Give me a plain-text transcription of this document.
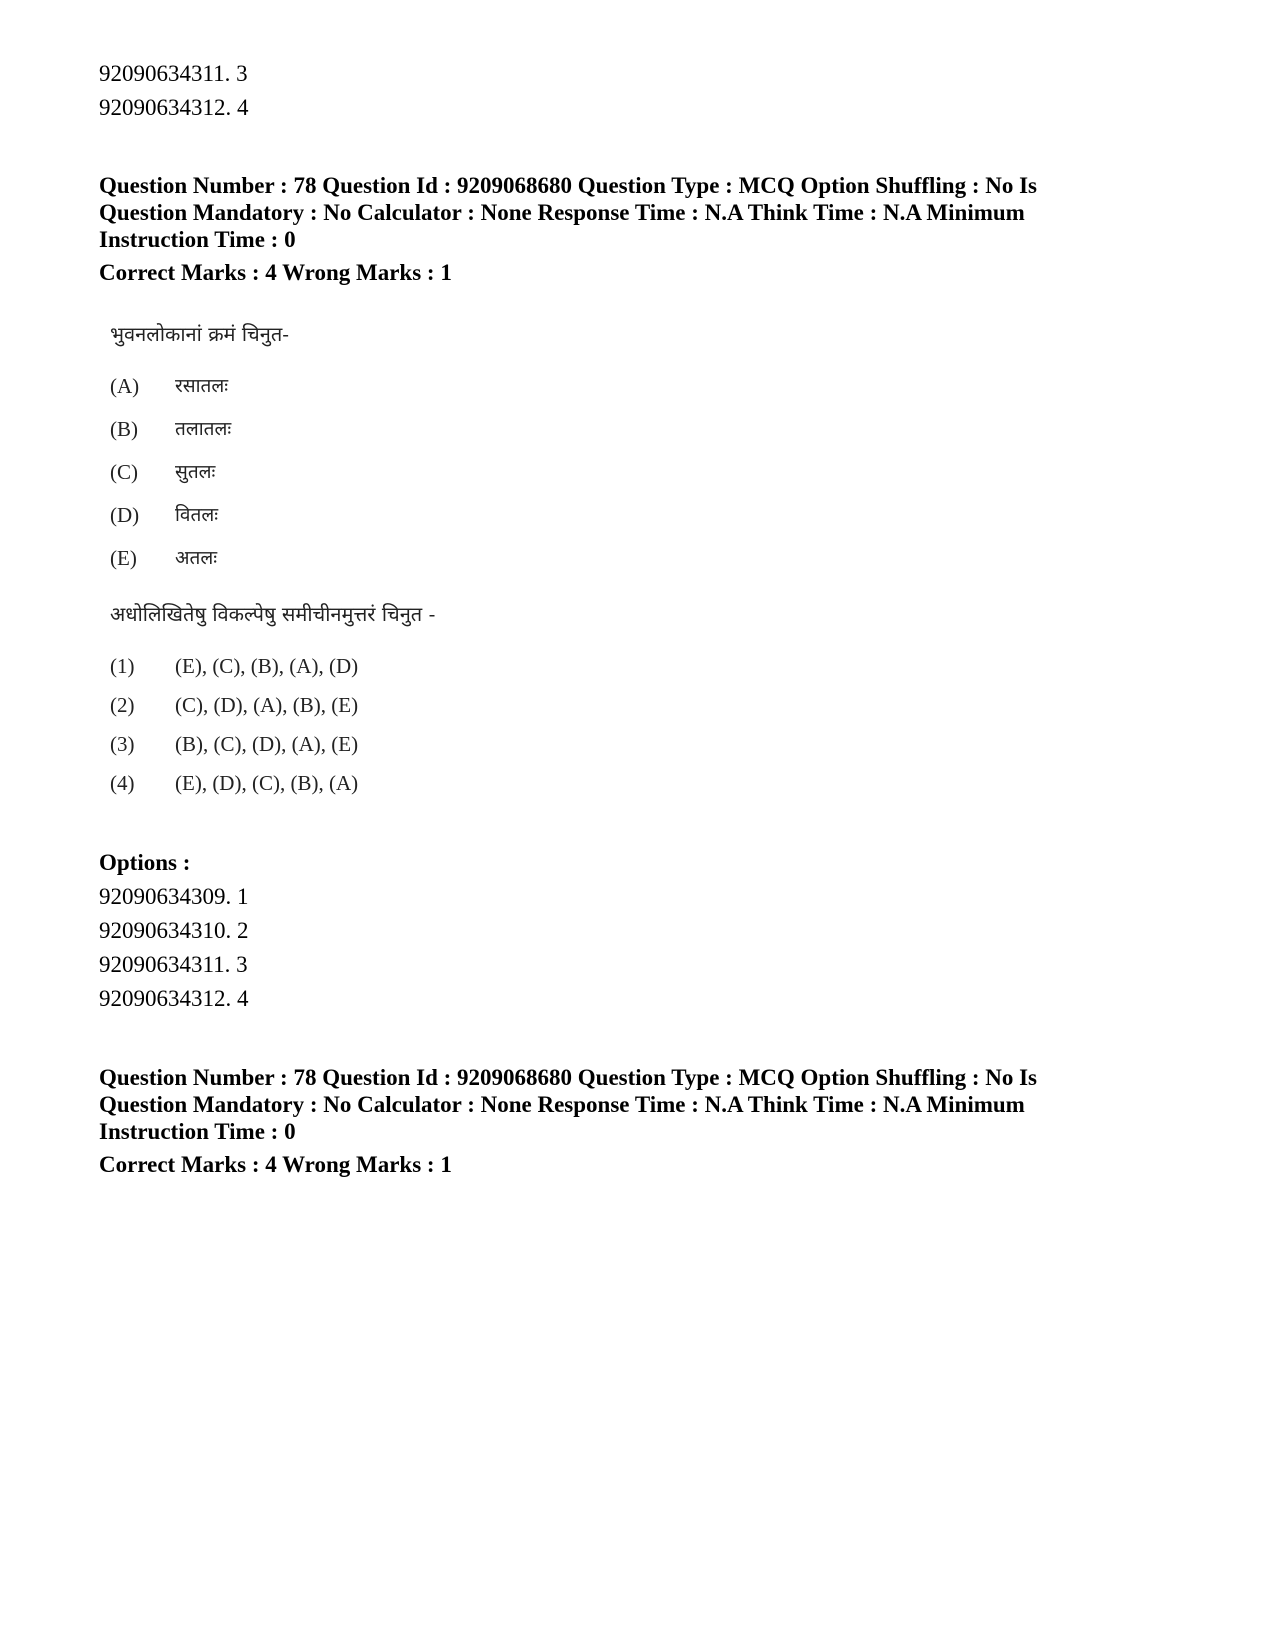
92090634311. 3
92090634312. 4
Question Number : 78 Question Id : 9209068680 Question Type : MCQ Option Shuffling : No Is
Question Mandatory : No Calculator : None Response Time : N.A Think Time : N.A Minimum
Instruction Time : 0
Correct Marks : 4 Wrong Marks : 1
भुवनलोकानां क्रमं चिनुत-
(A) रसातलः
(B) तलातलः
(C) सुतलः
(D) वितलः
(E) अतलः
अधोलिखितेषु विकल्पेषु समीचीनमुत्तरं चिनुत -
(1) (E), (C), (B), (A), (D)
(2) (C), (D), (A), (B), (E)
(3) (B), (C), (D), (A), (E)
(4) (E), (D), (C), (B), (A)
Options :
92090634309. 1
92090634310. 2
92090634311. 3
92090634312. 4
Question Number : 78 Question Id : 9209068680 Question Type : MCQ Option Shuffling : No Is
Question Mandatory : No Calculator : None Response Time : N.A Think Time : N.A Minimum
Instruction Time : 0
Correct Marks : 4 Wrong Marks : 1
